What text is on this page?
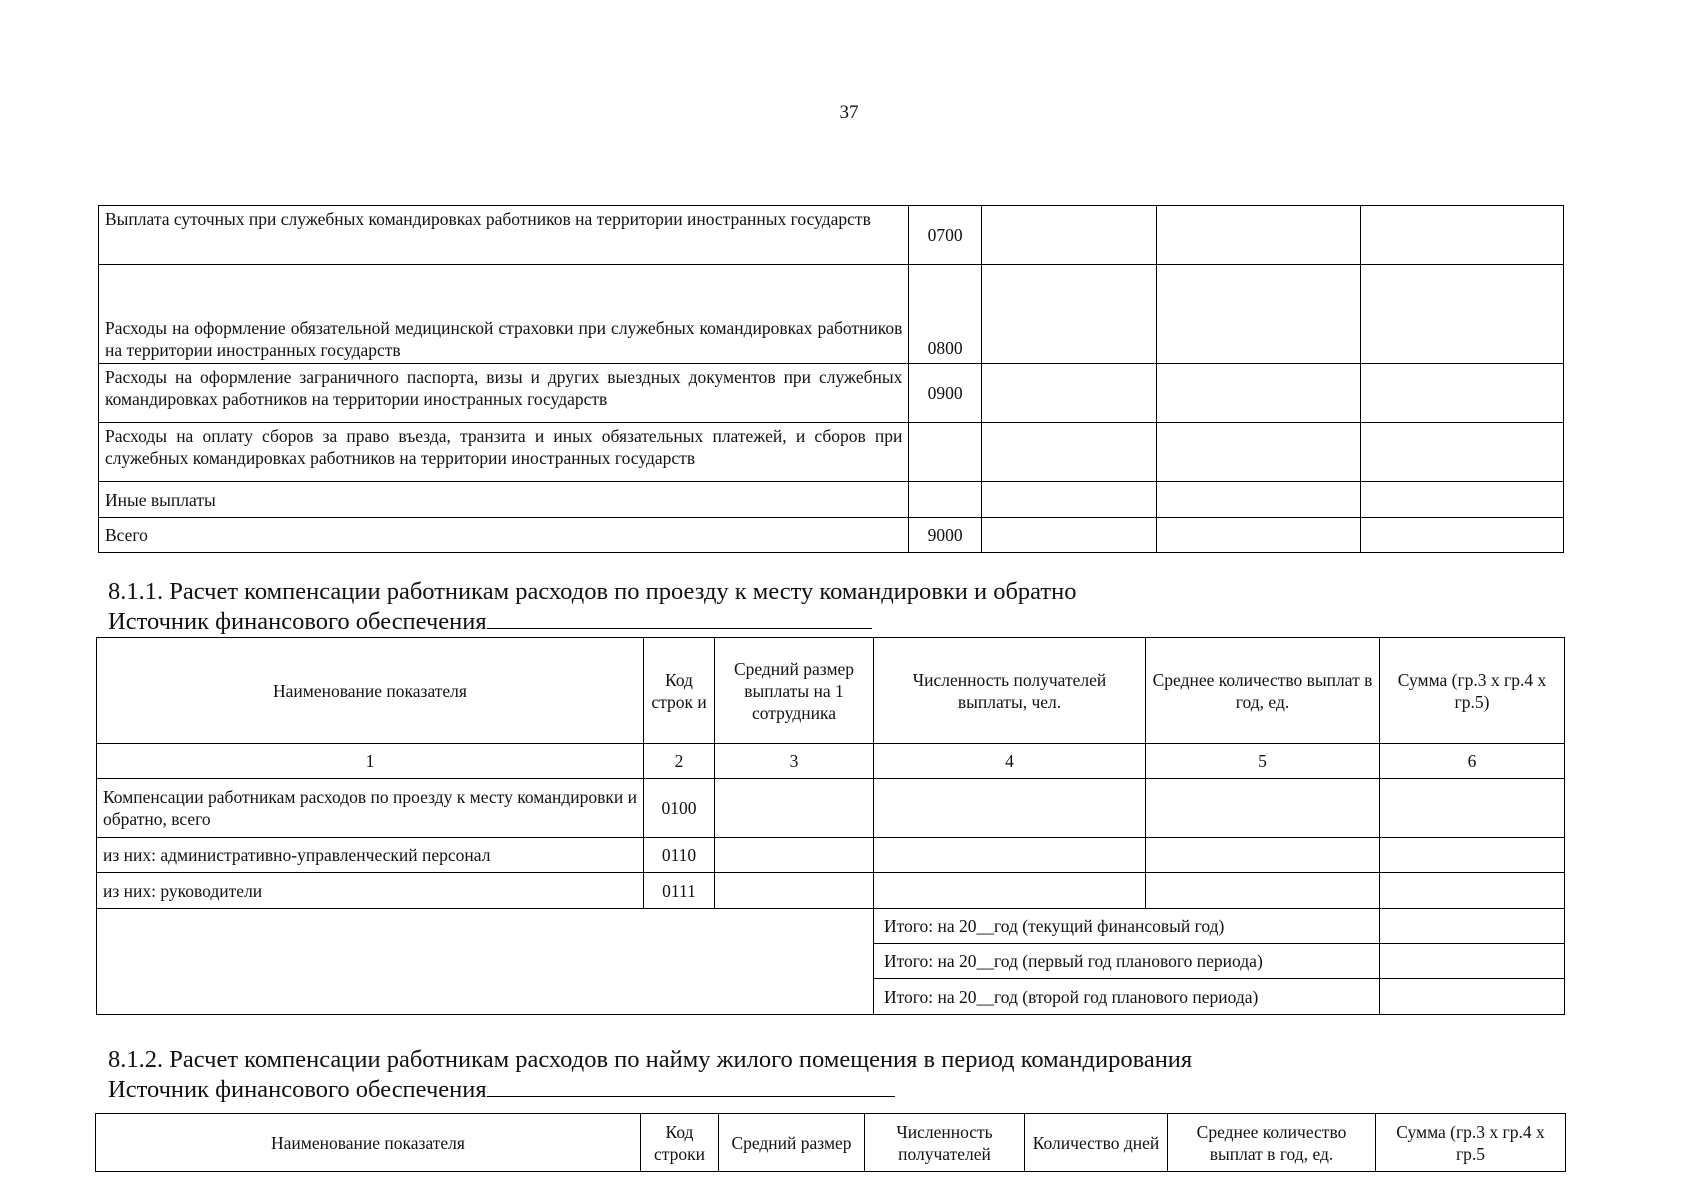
37
Выплата суточных при служебных командировках работников на территории иностранных государств	0700			
Расходы на оформление обязательной медицинской страховки при служебных командировках работников на территории иностранных государств	0800			
Расходы на оформление заграничного паспорта, визы и других выездных документов при служебных командировках работников на территории иностранных государств	0900			
Расходы на оплату сборов за право въезда, транзита и иных обязательных платежей, и сборов при служебных командировках работников на территории иностранных государств				
Иные выплаты				
Всего	9000			
8.1.1. Расчет компенсации работникам расходов по проезду к месту командировки и обратно
Источник финансового обеспечения
Наименование показателя	Код строк и	Средний размер выплаты на 1 сотрудника	Численность получателей выплаты, чел.	Среднее количество выплат в год, ед.	Сумма (гр.3 х гр.4 х гр.5)
1	2	3	4	5	6
Компенсации работникам расходов по проезду к месту командировки и обратно, всего	0100				
из них: административно-управленческий персонал	0110				
из них: руководители	0111				
			Итого: на 20__год (текущий финансовый год)		
			Итого: на 20__год (первый год планового периода)		
			Итого: на 20__год (второй год планового периода)		
8.1.2. Расчет компенсации работникам расходов по найму жилого помещения в период командирования
Источник финансового обеспечения
Наименование показателя	Код строки	Средний размер	Численность получателей	Количество дней	Среднее количество выплат в год, ед.	Сумма (гр.3 х гр.4 х гр.5
